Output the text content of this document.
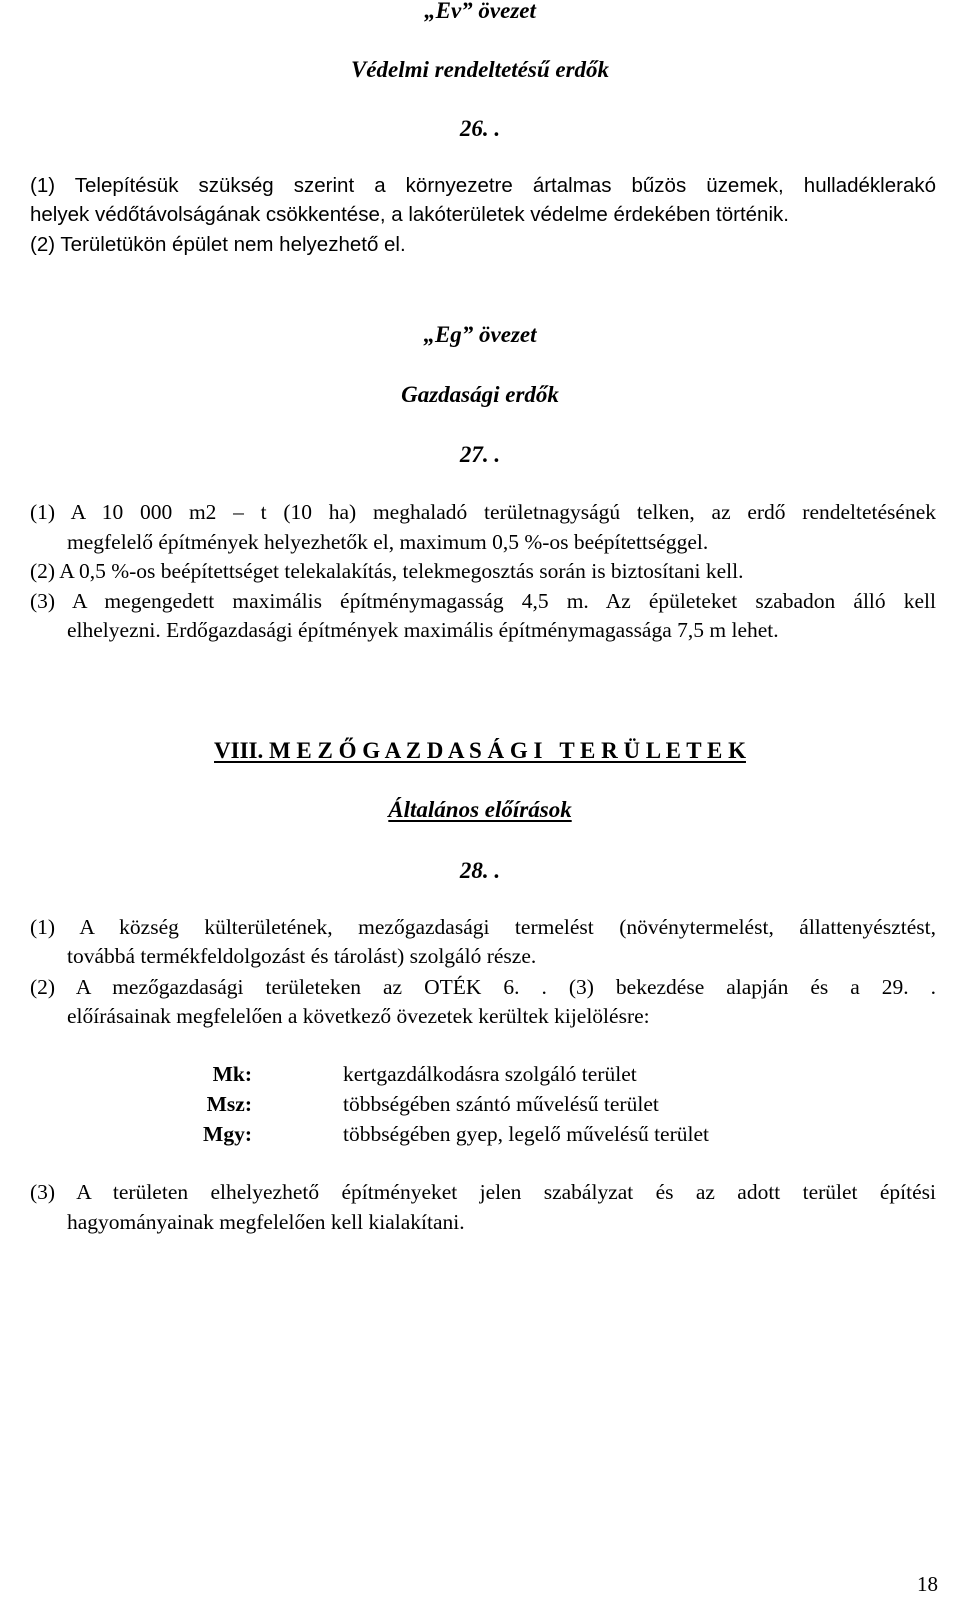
„Ev” övezet
Védelmi rendeltetésű erdők
26. .
(1) Telepítésük szükség szerint a környezetre ártalmas bűzös üzemek, hulladéklerakó
helyek védőtávolságának csökkentése, a lakóterületek védelme érdekében történik.
(2) Területükön épület nem helyezhető el.
„Eg” övezet
Gazdasági erdők
27. .
(1) A 10 000 m2 – t (10 ha) meghaladó területnagyságú telken, az erdő rendeltetésének
megfelelő építmények helyezhetők el, maximum 0,5 %-os beépítettséggel.
(2) A 0,5 %-os beépítettséget telekalakítás, telekmegosztás során is biztosítani kell.
(3) A megengedett maximális építménymagasság 4,5 m. Az épületeket szabadon álló kell
elhelyezni. Erdőgazdasági építmények maximális építménymagassága 7,5 m lehet.
VIII. M E Z Ő G A Z D A S Á G I   T E R Ü L E T E K
Általános előírások
28. .
(1) A község külterületének, mezőgazdasági termelést (növénytermelést, állattenyésztést,
továbbá termékfeldolgozást és tárolást) szolgáló része.
(2) A mezőgazdasági területeken az OTÉK 6. . (3) bekezdése alapján és a 29. .
előírásainak megfelelően a következő övezetek kerültek kijelölésre:
Mk:	kertgazdálkodásra szolgáló terület
Msz:	többségében szántó művelésű terület
Mgy:	többségében gyep, legelő művelésű terület
(3) A területen elhelyezhető építményeket jelen szabályzat és az adott terület építési
hagyományainak megfelelően kell kialakítani.
18
